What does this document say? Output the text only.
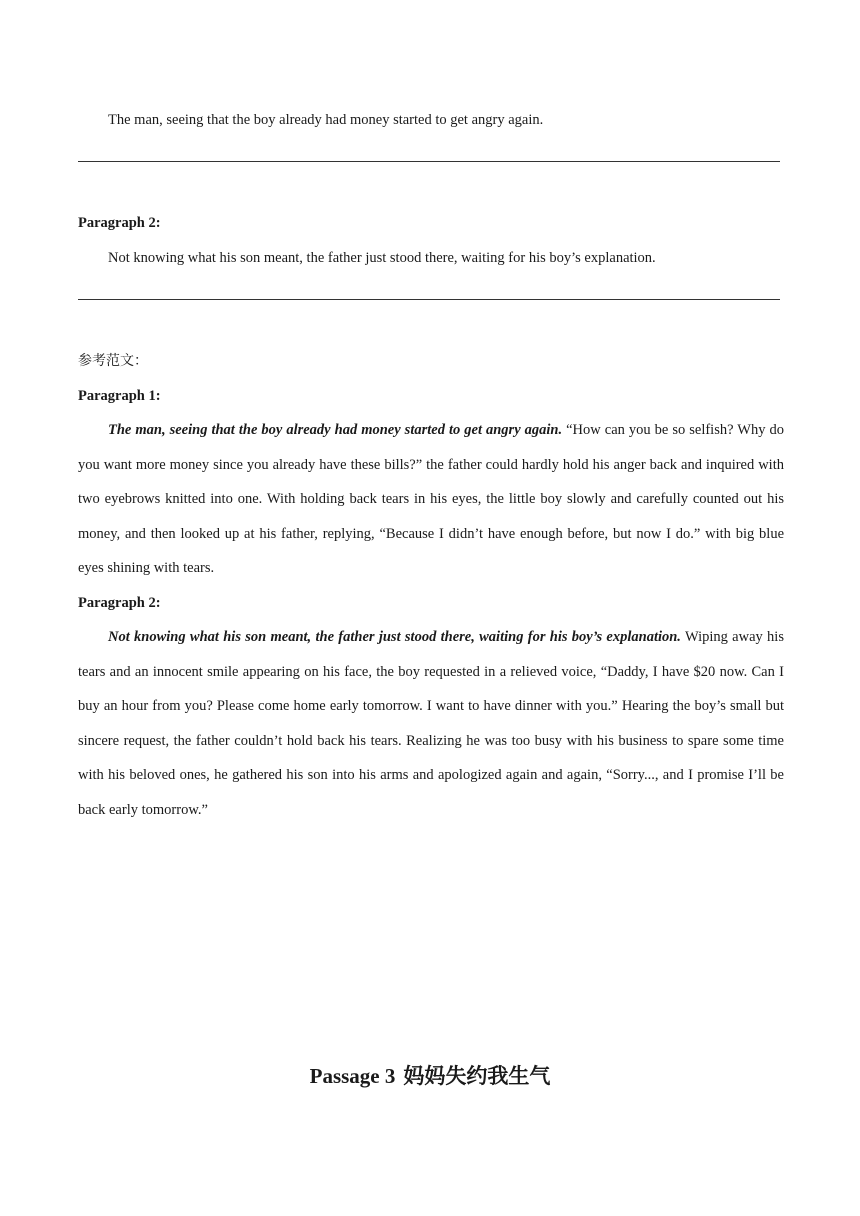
The man, seeing that the boy already had money started to get angry again.
Paragraph 2:
Not knowing what his son meant, the father just stood there, waiting for his boy’s explanation.
参考范文：
Paragraph 1:

The man, seeing that the boy already had money started to get angry again. “How can you be so selfish? Why do you want more money since you already have these bills?” the father could hardly hold his anger back and inquired with two eyebrows knitted into one. With holding back tears in his eyes, the little boy slowly and carefully counted out his money, and then looked up at his father, replying, “Because I didn’t have enough before, but now I do.” with big blue eyes shining with tears.

Paragraph 2:

Not knowing what his son meant, the father just stood there, waiting for his boy’s explanation. Wiping away his tears and an innocent smile appearing on his face, the boy requested in a relieved voice, “Daddy, I have $20 now. Can I buy an hour from you? Please come home early tomorrow. I want to have dinner with you.” Hearing the boy’s small but sincere request, the father couldn’t hold back his tears. Realizing he was too busy with his business to spare some time with his beloved ones, he gathered his son into his arms and apologized again and again, “Sorry..., and I promise I’ll be back early tomorrow.”

Passage 3 妈妈失约我生气
